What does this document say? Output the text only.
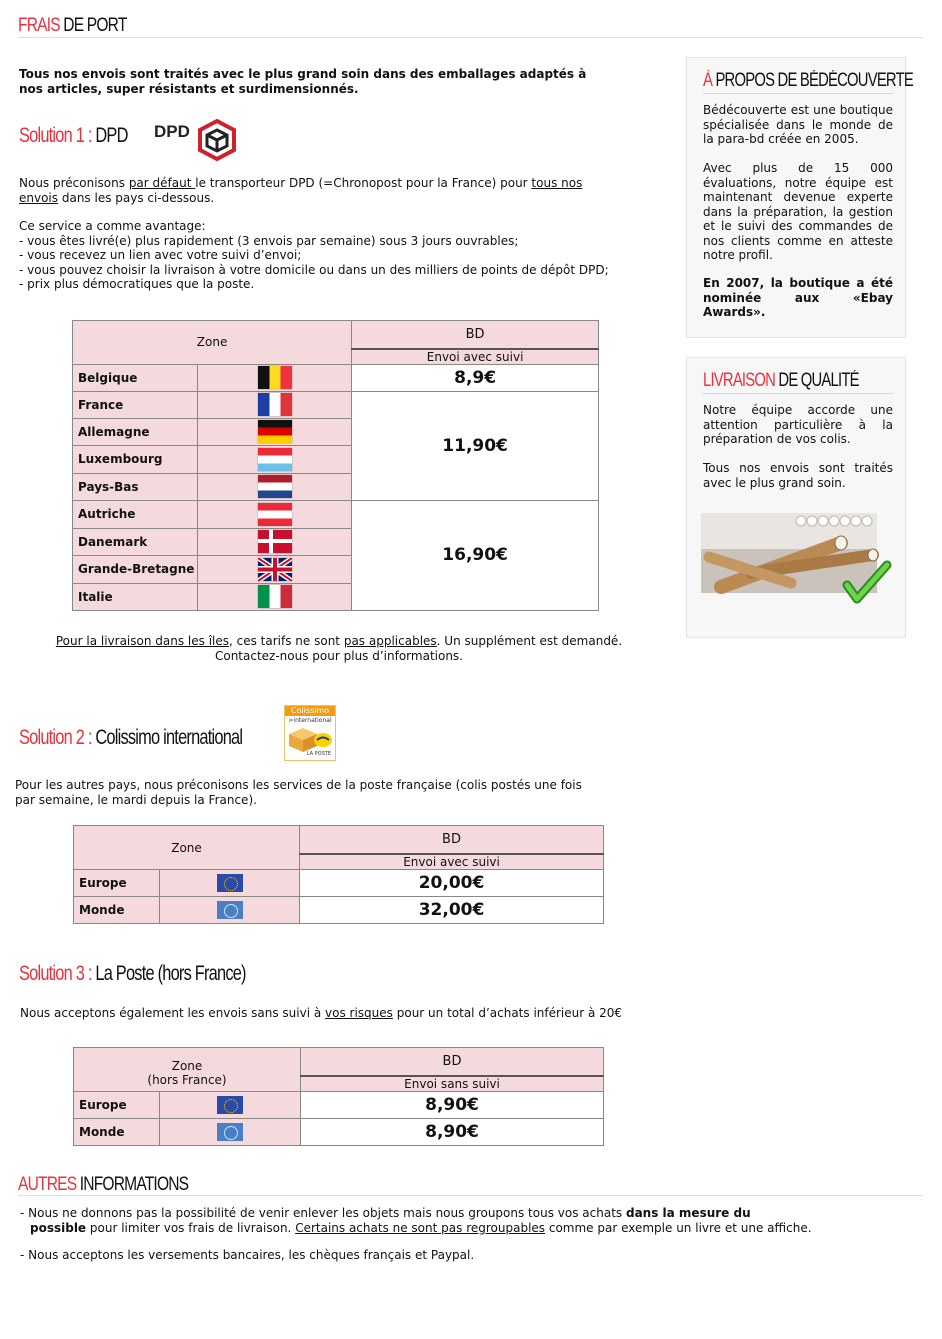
FRAIS DE PORT
Tous nos envois sont traités avec le plus grand soin dans des emballages adaptés à nos articles, super résistants et surdimensionnés.
Solution 1 : DPD DPD
Nous préconisons par défaut le transporteur DPD (=Chronopost pour la France) pour tous nos envois dans les pays ci-dessous.
Ce service a comme avantage:
- vous êtes livré(e) plus rapidement (3 envois par semaine) sous 3 jours ouvrables;
- vous recevez un lien avec votre suivi d’envoi;
- vous pouvez choisir la livraison à votre domicile ou dans un des milliers de points de dépôt DPD;
- prix plus démocratiques que la poste.
Zone		BD
		Envoi avec suivi
Belgique		8,9€
France		11,90€
Allemagne		
Luxembourg		
Pays-Bas		
Autriche		16,90€
Danemark		
Grande-Bretagne	
Italie		
Pour la livraison dans les îles, ces tarifs ne sont pas applicables. Un supplément est demandé.
Contactez-nous pour plus d’informations.
Solution 2 : Colissimo international
Colissimo
>international
LA POSTE
Pour les autres pays, nous préconisons les services de la poste française (colis postés une fois par semaine, le mardi depuis la France).
Zone		BD
		Envoi avec suivi
Europe		20,00€
Monde		32,00€
Solution 3 : La Poste (hors France)
Nous acceptons également les envois sans suivi à vos risques pour un total d’achats inférieur à 20€
Zone
(hors France)		BD
		Envoi sans suivi
Europe		8,90€
Monde		8,90€
AUTRES INFORMATIONS
- Nous ne donnons pas la possibilité de venir enlever les objets mais nous groupons tous vos achats dans la mesure du
possible pour limiter vos frais de livraison. Certains achats ne sont pas regroupables comme par exemple un livre et une affiche.
- Nous acceptons les versements bancaires, les chèques français et Paypal.
À PROPOS DE BÉDÉCOUVERTE
Bédécouverte est une boutique spécialisée dans le monde de la para-bd créée en 2005.
Avec plus de 15 000 évaluations, notre équipe est maintenant devenue experte dans la préparation, la gestion et le suivi des commandes de nos clients comme en atteste notre profil.
En 2007, la boutique a été nominée aux «Ebay Awards».
LIVRAISON DE QUALITÉ
Notre équipe accorde une attention particulière à la préparation de vos colis.
Tous nos envois sont traités avec le plus grand soin.
